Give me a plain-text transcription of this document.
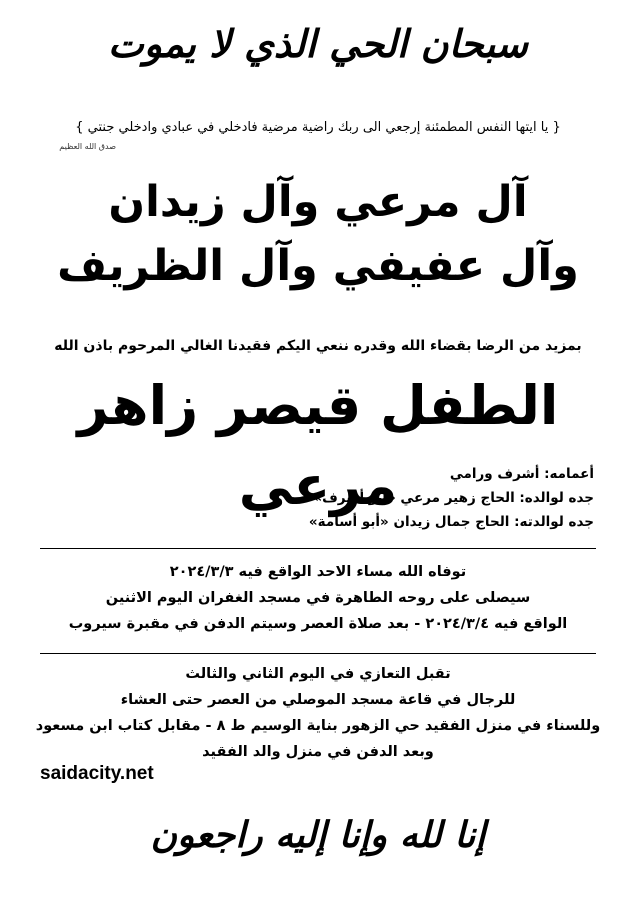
سبحان الحي الذي لا يموت
{ يا ايتها النفس المطمئنة إرجعي الى ربك راضية مرضية فادخلي في عبادي وادخلي جنتي }
صدق الله العظيم
آل مرعي وآل زيدان
وآل عفيفي وآل الظريف
بمزيد من الرضا بقضاء الله وقدره ننعي اليكم فقيدنا الغالي المرحوم باذن الله
الطفل قيصر زاهر مرعي	أعمامه: أشرف ورامي
جده لوالده: الحاج زهير مرعي «أبو أشرف»
جده لوالدته: الحاج جمال زيدان «أبو أسامة»
توفاه الله مساء الاحد الواقع فيه ٢٠٢٤/٣/٣
سيصلى على روحه الطاهرة في مسجد الغفران اليوم الاثنين
الواقع فيه ٢٠٢٤/٣/٤ - بعد صلاة العصر وسيتم الدفن في مقبرة سيروب
تقبل التعازي في اليوم الثاني والثالث
للرجال في قاعة مسجد الموصلي من العصر حتى العشاء
وللسناء في منزل الفقيد حي الزهور بناية الوسيم ط ٨ - مقابل كتاب ابن مسعود
وبعد الدفن في منزل والد الفقيد
saidacity.net
إنا لله وإنا إليه راجعون
